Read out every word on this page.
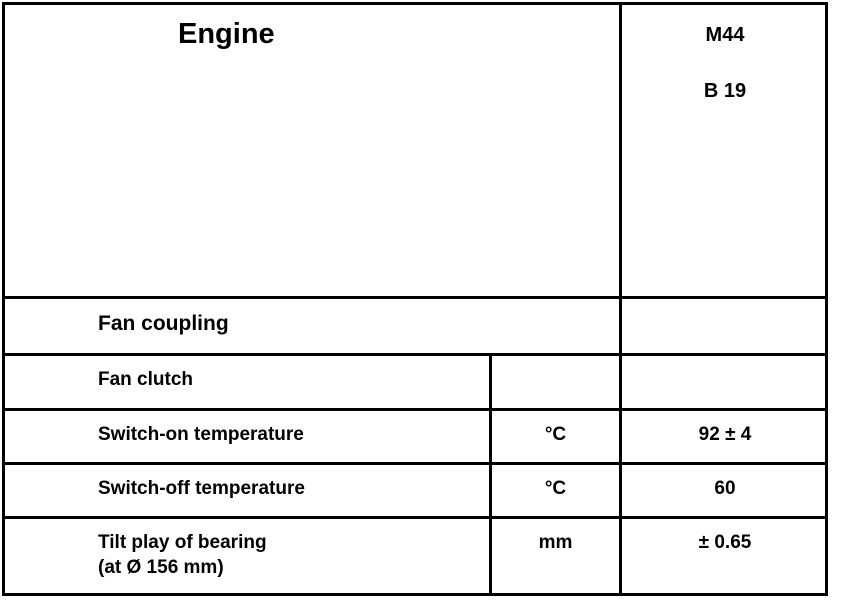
Engine	M44
B 19
Fan coupling
Fan clutch
Switch-on temperature	°C	92 ± 4
Switch-off temperature	°C	60
Tilt play of bearing
(at Ø 156 mm)
mm	± 0.65
